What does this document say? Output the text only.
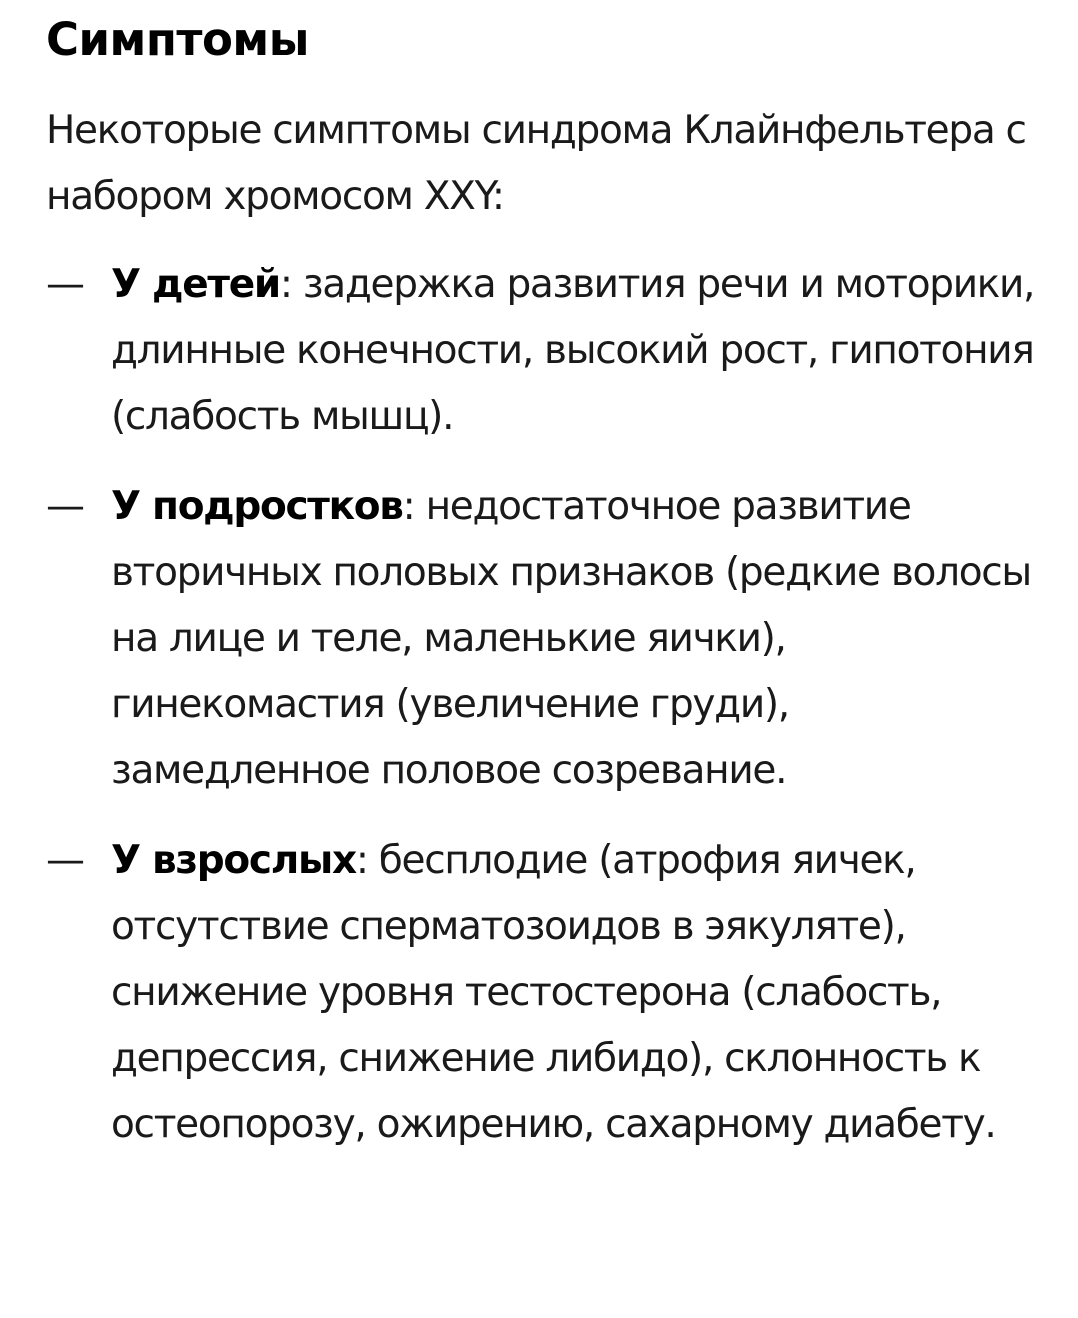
Симптомы

Некоторые симптомы синдрома Клайнфельтера с набором хромосом XXY:

— У детей: задержка развития речи и моторики, длинные конечности, высокий рост, гипотония (слабость мышц).
— У подростков: недостаточное развитие вторичных половых признаков (редкие волосы на лице и теле, маленькие яички), гинекомастия (увеличение груди), замедленное половое созревание.
— У взрослых: бесплодие (атрофия яичек, отсутствие сперматозоидов в эякуляте), снижение уровня тестостерона (слабость, депрессия, снижение либидо), склонность к остеопорозу, ожирению, сахарному диабету.
